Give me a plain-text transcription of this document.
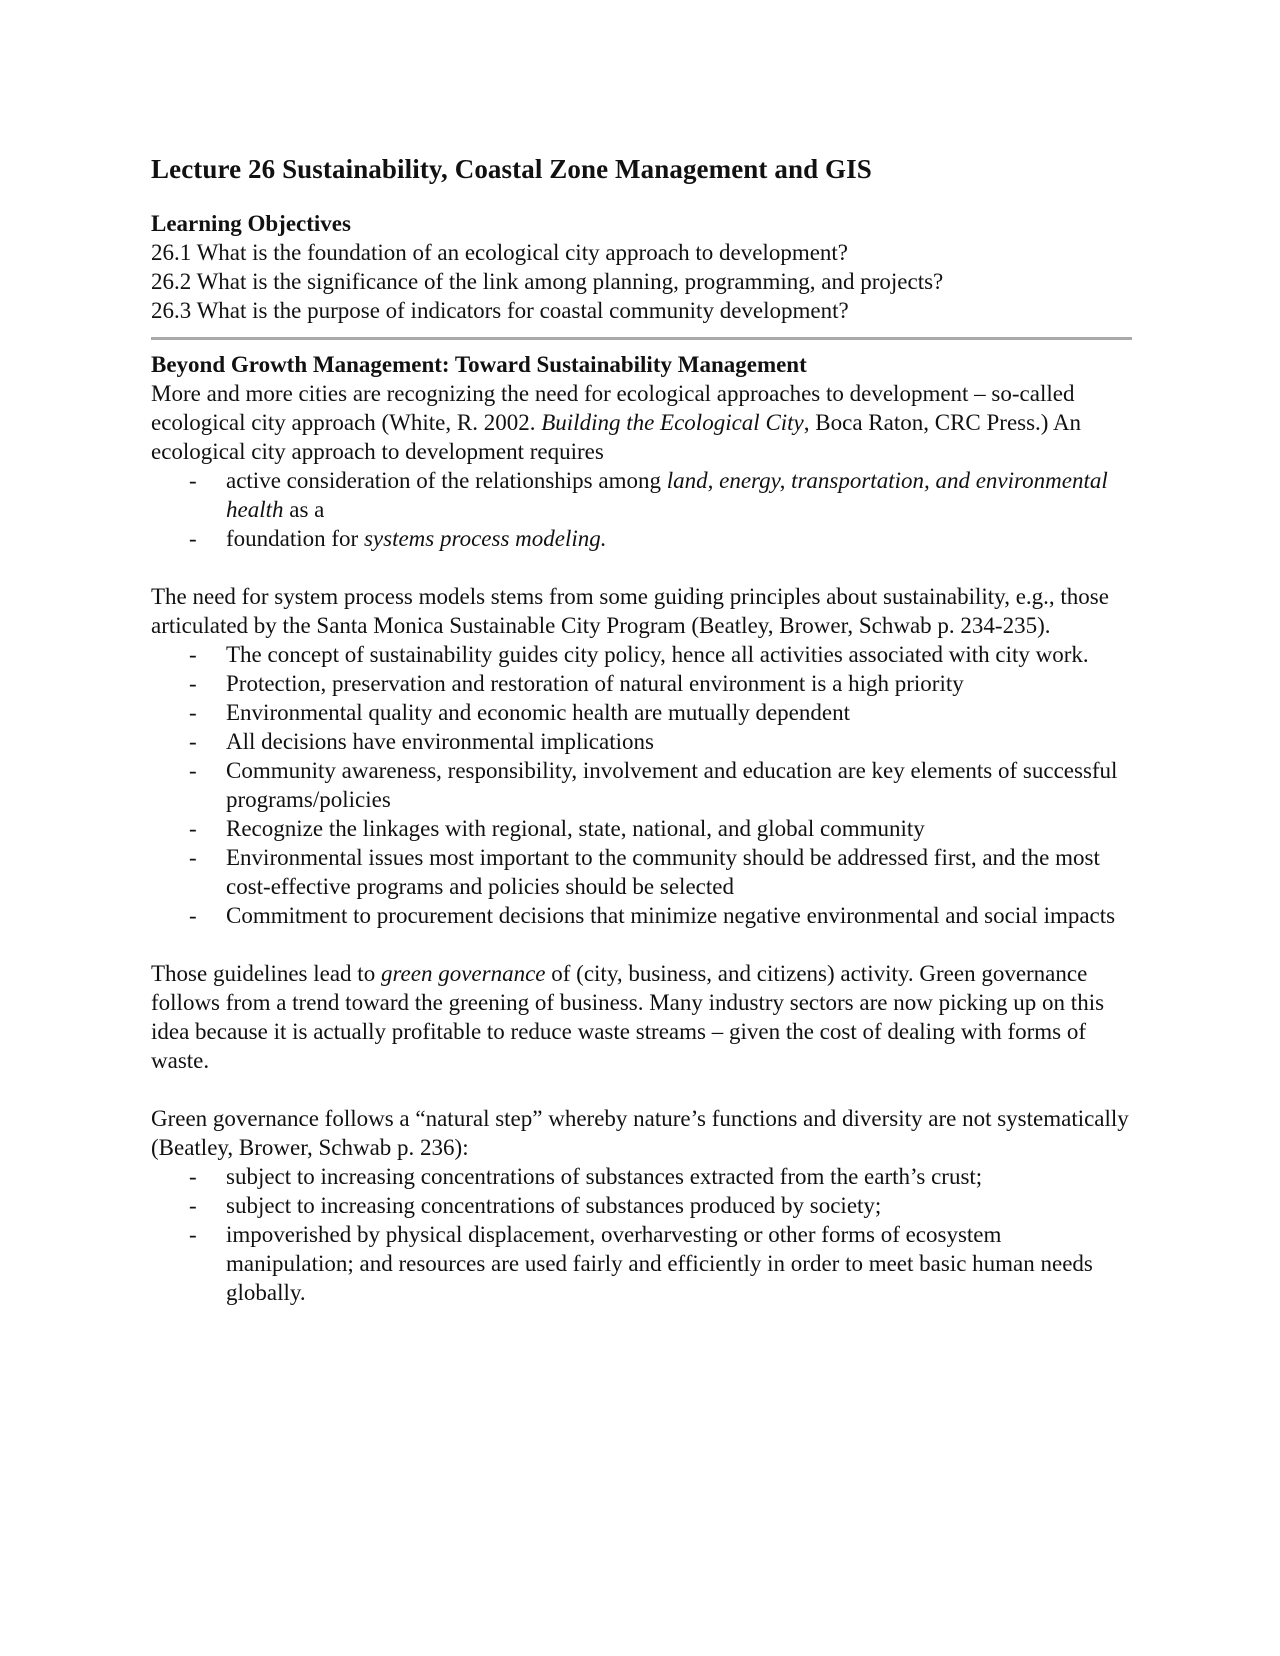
Lecture 26 Sustainability, Coastal Zone Management and GIS
Learning Objectives
26.1 What is the foundation of an ecological city approach to development?
26.2 What is the significance of the link among planning, programming, and projects?
26.3 What is the purpose of indicators for coastal community development?
Beyond Growth Management: Toward Sustainability Management

More and more cities are recognizing the need for ecological approaches to development – so-called ecological city approach (White, R. 2002. Building the Ecological City, Boca Raton, CRC Press.) An ecological city approach to development requires

- active consideration of the relationships among land, energy, transportation, and environmental health as a
- foundation for systems process modeling.

The need for system process models stems from some guiding principles about sustainability, e.g., those articulated by the Santa Monica Sustainable City Program (Beatley, Brower, Schwab p. 234-235).

- The concept of sustainability guides city policy, hence all activities associated with city work.
- Protection, preservation and restoration of natural environment is a high priority
- Environmental quality and economic health are mutually dependent
- All decisions have environmental implications
- Community awareness, responsibility, involvement and education are key elements of successful programs/policies
- Recognize the linkages with regional, state, national, and global community
- Environmental issues most important to the community should be addressed first, and the most cost-effective programs and policies should be selected
- Commitment to procurement decisions that minimize negative environmental and social impacts

Those guidelines lead to green governance of (city, business, and citizens) activity. Green governance follows from a trend toward the greening of business. Many industry sectors are now picking up on this idea because it is actually profitable to reduce waste streams – given the cost of dealing with forms of waste.

Green governance follows a “natural step” whereby nature’s functions and diversity are not systematically (Beatley, Brower, Schwab p. 236):

- subject to increasing concentrations of substances extracted from the earth’s crust;
- subject to increasing concentrations of substances produced by society;
- impoverished by physical displacement, overharvesting or other forms of ecosystem manipulation; and resources are used fairly and efficiently in order to meet basic human needs globally.
